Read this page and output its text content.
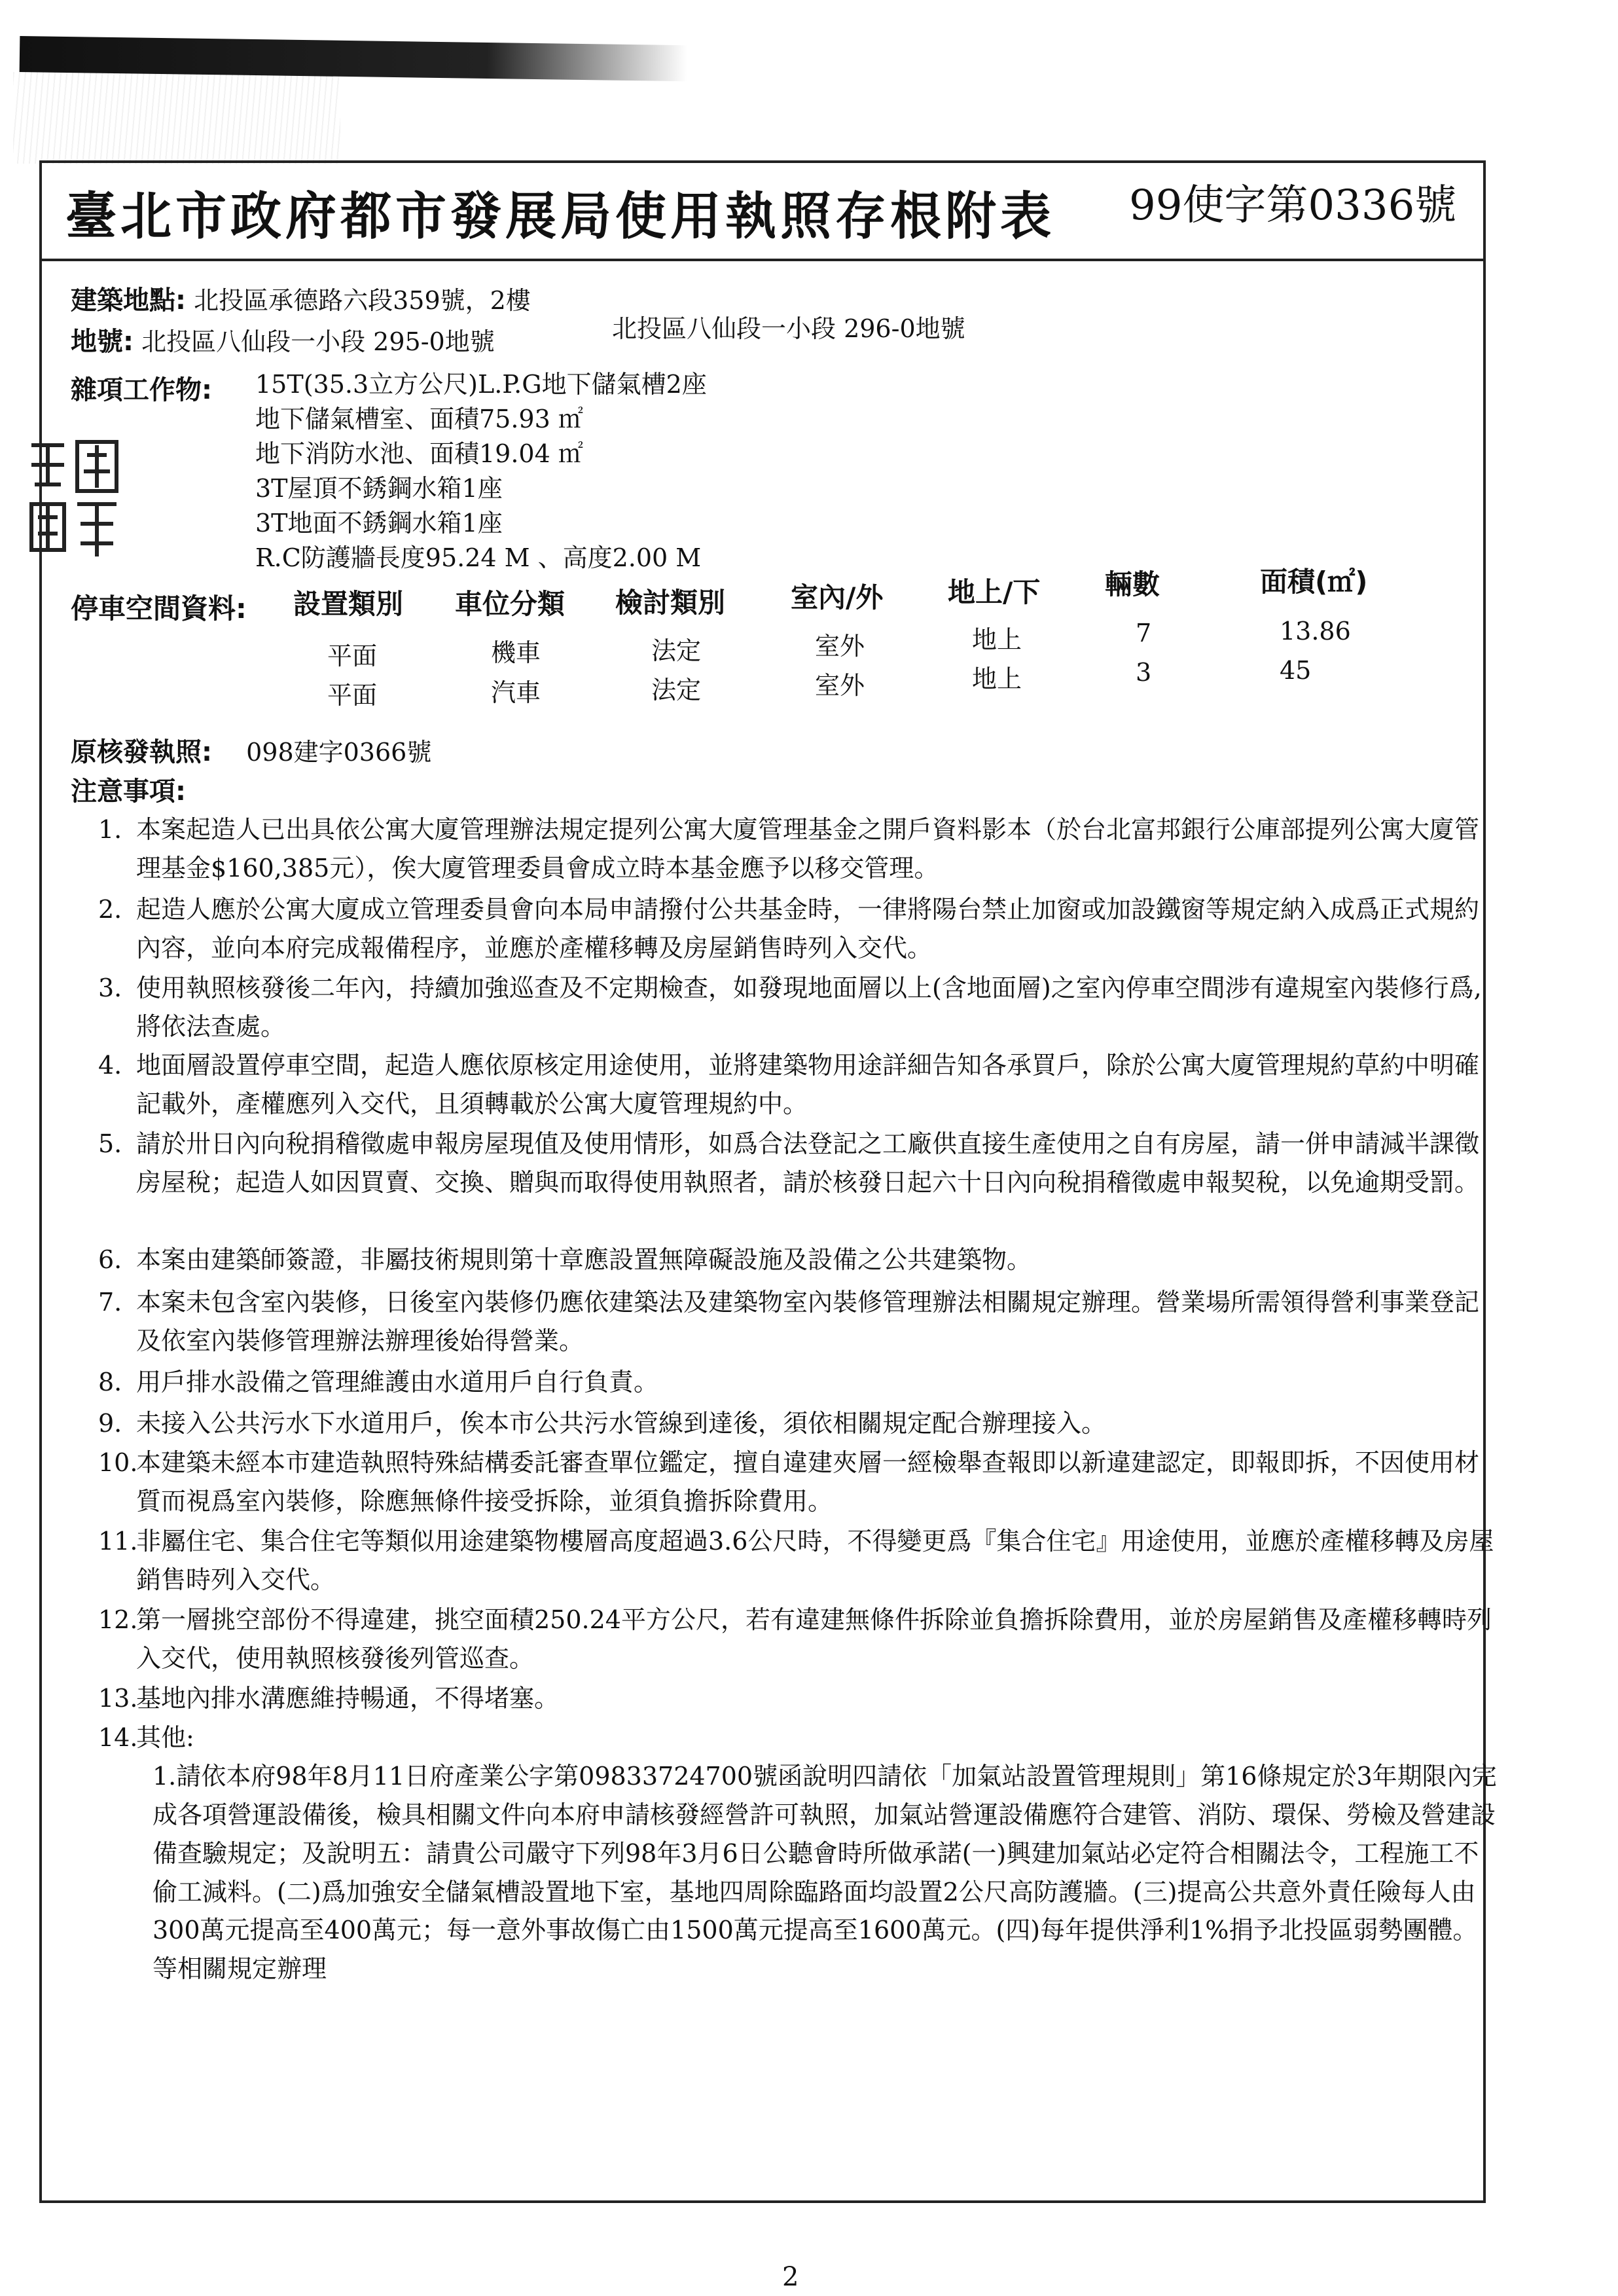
臺北市政府都市發展局使用執照存根附表 99使字第0336號
建築地點: 北投區承德路六段359號，2樓
地號: 北投區八仙段一小段 295-0地號	北投區八仙段一小段 296-0地號
雜項工作物: 15T(35.3立方公尺)L.P.G地下儲氣槽2座
地下儲氣槽室、面積75.93 ㎡
地下消防水池、面積19.04 ㎡
3T屋頂不銹鋼水箱1座
3T地面不銹鋼水箱1座
R.C防護牆長度95.24 M 、高度2.00 M
停車空間資料: 設置類別 車位分類 檢討類別 室內/外 地上/下 輛數	面積(㎡)
平面	機車	法定	室外	地上	7	13.86
平面	汽車	法定	室外	地上	3	45
原核發執照: 098建字0366號
注意事項:
1. 本案起造人已出具依公寓大廈管理辦法規定提列公寓大廈管理基金之開戶資料影本（於台北富邦銀行公庫部提列公寓大廈管理基金$160,385元），俟大廈管理委員會成立時本基金應予以移交管理。
2. 起造人應於公寓大廈成立管理委員會向本局申請撥付公共基金時，一律將陽台禁止加窗或加設鐵窗等規定納入成爲正式規約內容，並向本府完成報備程序，並應於產權移轉及房屋銷售時列入交代。
3. 使用執照核發後二年內，持續加強巡查及不定期檢查，如發現地面層以上(含地面層)之室內停車空間涉有違規室內裝修行爲,將依法查處。
4. 地面層設置停車空間，起造人應依原核定用途使用，並將建築物用途詳細告知各承買戶，除於公寓大廈管理規約草約中明確記載外，產權應列入交代，且須轉載於公寓大廈管理規約中。
5. 請於卅日內向稅捐稽徵處申報房屋現值及使用情形，如爲合法登記之工廠供直接生產使用之自有房屋，請一併申請減半課徵房屋稅；起造人如因買賣、交換、贈與而取得使用執照者，請於核發日起六十日內向稅捐稽徵處申報契稅，以免逾期受罰。
6. 本案由建築師簽證，非屬技術規則第十章應設置無障礙設施及設備之公共建築物。
7. 本案未包含室內裝修，日後室內裝修仍應依建築法及建築物室內裝修管理辦法相關規定辦理。營業場所需領得營利事業登記及依室內裝修管理辦法辦理後始得營業。
8. 用戶排水設備之管理維護由水道用戶自行負責。
9. 未接入公共污水下水道用戶，俟本市公共污水管線到達後，須依相關規定配合辦理接入。
10.
本建築未經本市建造執照特殊結構委託審查單位鑑定，擅自違建夾層一經檢舉查報即以新違建認定，即報即拆，不因使用材質而視爲室內裝修，除應無條件接受拆除，並須負擔拆除費用。
11.
非屬住宅、集合住宅等類似用途建築物樓層高度超過3.6公尺時，不得變更爲『集合住宅』用途使用，並應於產權移轉及房屋銷售時列入交代。
12.
第一層挑空部份不得違建，挑空面積250.24平方公尺，若有違建無條件拆除並負擔拆除費用，並於房屋銷售及產權移轉時列入交代，使用執照核發後列管巡查。
13.
基地內排水溝應維持暢通，不得堵塞。
14.
其他:
1.請依本府98年8月11日府產業公字第09833724700號函說明四請依「加氣站設置管理規則」第16條規定於3年期限內完成各項營運設備後，檢具相關文件向本府申請核發經營許可執照，加氣站營運設備應符合建管、消防、環保、勞檢及營建設備查驗規定；及說明五：請貴公司嚴守下列98年3月6日公聽會時所做承諾(一)興建加氣站必定符合相關法令，工程施工不偷工減料。(二)爲加強安全儲氣槽設置地下室，基地四周除臨路面均設置2公尺高防護牆。(三)提高公共意外責任險每人由300萬元提高至400萬元；每一意外事故傷亡由1500萬元提高至1600萬元。(四)每年提供淨利1%捐予北投區弱勢團體。等相關規定辦理
2
